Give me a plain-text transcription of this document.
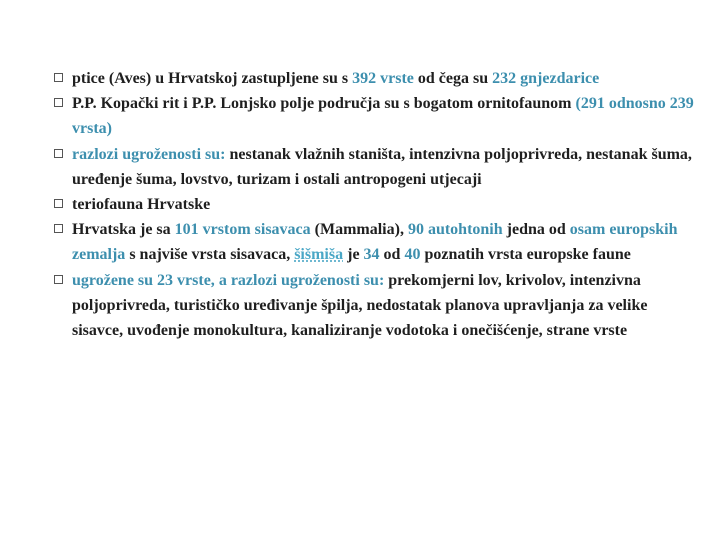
ptice (Aves) u Hrvatskoj zastupljene su s 392 vrste od čega su 232 gnjezdarice
P.P. Kopački rit i P.P. Lonjsko polje područja su s bogatom ornitofaunom (291 odnosno 239 vrsta)
razlozi ugroženosti su: nestanak vlažnih staništa, intenzivna poljoprivreda, nestanak šuma, uređenje šuma, lovstvo, turizam i ostali antropogeni utjecaji
teriofauna Hrvatske
Hrvatska je sa 101 vrstom sisavaca (Mammalia), 90 autohtonih jedna od osam europskih zemalja s najviše vrsta sisavaca, šišmiša je 34 od 40 poznatih vrsta europske faune
ugrožene su 23 vrste, a razlozi ugroženosti su: prekomjerni lov, krivolov, intenzivna poljoprivreda, turističko uređivanje špilja, nedostatak planova upravljanja za velike sisavce, uvođenje monokultura, kanaliziranje vodotoka i onečišćenje, strane vrste
